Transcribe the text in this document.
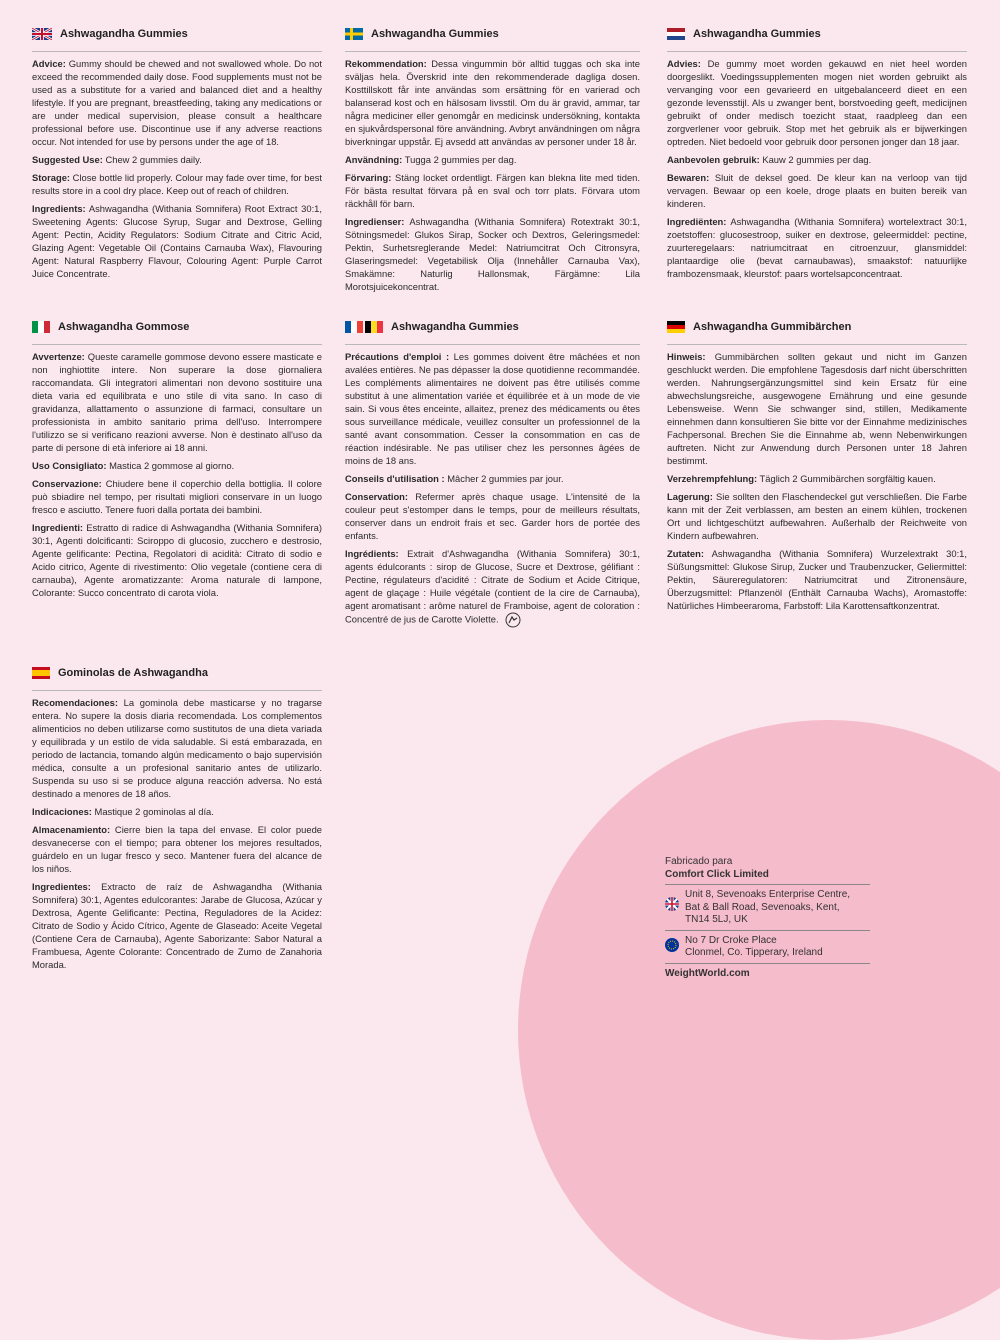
Ashwagandha Gummies

Advice: Gummy should be chewed and not swallowed whole. Do not exceed the recommended daily dose. Food supplements must not be used as a substitute for a varied and balanced diet and a healthy lifestyle. If you are pregnant, breastfeeding, taking any medications or are under medical supervision, please consult a healthcare professional before use. Discontinue use if any adverse reactions occur. Not intended for use by persons under the age of 18.

Suggested Use: Chew 2 gummies daily.

Storage: Close bottle lid properly. Colour may fade over time, for best results store in a cool dry place. Keep out of reach of children.

Ingredients: Ashwagandha (Withania Somnifera) Root Extract 30:1, Sweetening Agents: Glucose Syrup, Sugar and Dextrose, Gelling Agent: Pectin, Acidity Regulators: Sodium Citrate and Citric Acid, Glazing Agent: Vegetable Oil (Contains Carnauba Wax), Flavouring Agent: Natural Raspberry Flavour, Colouring Agent: Purple Carrot Juice Concentrate.

Ashwagandha Gommose

Avvertenze: Queste caramelle gommose devono essere masticate e non inghiottite intere. Non superare la dose giornaliera raccomandata. Gli integratori alimentari non devono sostituire una dieta varia ed equilibrata e uno stile di vita sano. In caso di gravidanza, allattamento o assunzione di farmaci, consultare un professionista in ambito sanitario prima dell'uso. Interrompere l'utilizzo se si verificano reazioni avverse. Non è destinato all'uso da parte di persone di età inferiore ai 18 anni.

Uso Consigliato: Mastica 2 gommose al giorno.

Conservazione: Chiudere bene il coperchio della bottiglia. Il colore può sbiadire nel tempo, per risultati migliori conservare in un luogo fresco e asciutto. Tenere fuori dalla portata dei bambini.

Ingredienti: Estratto di radice di Ashwagandha (Withania Somnifera) 30:1, Agenti dolcificanti: Sciroppo di glucosio, zucchero e destrosio, Agente gelificante: Pectina, Regolatori di acidità: Citrato di sodio e Acido citrico, Agente di rivestimento: Olio vegetale (contiene cera di carnauba), Agente aromatizzante: Aroma naturale di lampone, Colorante: Succo concentrato di carota viola.

Gominolas de Ashwagandha

Recomendaciones: La gominola debe masticarse y no tragarse entera. No supere la dosis diaria recomendada. Los complementos alimenticios no deben utilizarse como sustitutos de una dieta variada y equilibrada y un estilo de vida saludable. Si está embarazada, en periodo de lactancia, tomando algún medicamento o bajo supervisión médica, consulte a un profesional sanitario antes de utilizarlo. Suspenda su uso si se produce alguna reacción adversa. No está destinado a menores de 18 años.

Indicaciones: Mastique 2 gominolas al día.

Almacenamiento: Cierre bien la tapa del envase. El color puede desvanecerse con el tiempo; para obtener los mejores resultados, guárdelo en un lugar fresco y seco. Mantener fuera del alcance de los niños.

Ingredientes: Extracto de raíz de Ashwagandha (Withania Somnifera) 30:1, Agentes edulcorantes: Jarabe de Glucosa, Azúcar y Dextrosa, Agente Gelificante: Pectina, Reguladores de la Acidez: Citrato de Sodio y Ácido Cítrico, Agente de Glaseado: Aceite Vegetal (Contiene Cera de Carnauba), Agente Saborizante: Sabor Natural a Frambuesa, Agente Colorante: Concentrado de Zumo de Zanahoria Morada.

Ashwagandha Gummies

Rekommendation: Dessa vingummin bör alltid tuggas och ska inte sväljas hela. Överskrid inte den rekommenderade dagliga dosen. Kosttillskott får inte användas som ersättning för en varierad och balanserad kost och en hälsosam livsstil. Om du är gravid, ammar, tar några mediciner eller genomgår en medicinsk undersökning, kontakta en sjukvårdspersonal före användning. Avbryt användningen om några biverkningar uppstår. Ej avsedd att användas av personer under 18 år.

Användning: Tugga 2 gummies per dag.

Förvaring: Stäng locket ordentligt. Färgen kan blekna lite med tiden. För bästa resultat förvara på en sval och torr plats. Förvara utom räckhåll för barn.

Ingredienser: Ashwagandha (Withania Somnifera) Rotextrakt 30:1, Sötningsmedel: Glukos Sirap, Socker och Dextros, Geleringsmedel: Pektin, Surhetsreglerande Medel: Natriumcitrat Och Citronsyra, Glaseringsmedel: Vegetabilisk Olja (Innehåller Carnauba Vax), Smakämne: Naturlig Hallonsmak, Färgämne: Lila Morotsjuicekoncentrat.

Ashwagandha Gummies

Précautions d'emploi : Les gommes doivent être mâchées et non avalées entières. Ne pas dépasser la dose quotidienne recommandée. Les compléments alimentaires ne doivent pas être utilisés comme substitut à une alimentation variée et équilibrée et à un mode de vie sain. Si vous êtes enceinte, allaitez, prenez des médicaments ou êtes sous surveillance médicale, veuillez consulter un professionnel de la santé avant consommation. Cesser la consommation en cas de réaction indésirable. Ne pas utiliser chez les personnes âgées de moins de 18 ans.

Conseils d'utilisation : Mâcher 2 gummies par jour.

Conservation: Refermer après chaque usage. L'intensité de la couleur peut s'estomper dans le temps, pour de meilleurs résultats, conserver dans un endroit frais et sec. Garder hors de portée des enfants.

Ingrédients: Extrait d'Ashwagandha (Withania Somnifera) 30:1, agents édulcorants : sirop de Glucose, Sucre et Dextrose, gélifiant : Pectine, régulateurs d'acidité : Citrate de Sodium et Acide Citrique, agent de glaçage : Huile végétale (contient de la cire de Carnauba), agent aromatisant : arôme naturel de Framboise, agent de coloration : Concentré de jus de Carotte Violette.

Ashwagandha Gummies

Advies: De gummy moet worden gekauwd en niet heel worden doorgeslikt. Voedingssupplementen mogen niet worden gebruikt als vervanging voor een gevarieerd en uitgebalanceerd dieet en een gezonde levensstijl. Als u zwanger bent, borstvoeding geeft, medicijnen gebruikt of onder medisch toezicht staat, raadpleeg dan een zorgverlener voor gebruik. Stop met het gebruik als er bijwerkingen optreden. Niet bedoeld voor gebruik door personen jonger dan 18 jaar.

Aanbevolen gebruik: Kauw 2 gummies per dag.

Bewaren: Sluit de deksel goed. De kleur kan na verloop van tijd vervagen. Bewaar op een koele, droge plaats en buiten bereik van kinderen.

Ingrediënten: Ashwagandha (Withania Somnifera) wortelextract 30:1, zoetstoffen: glucosestroop, suiker en dextrose, geleermiddel: pectine, zuurteregelaars: natriumcitraat en citroenzuur, glansmiddel: plantaardige olie (bevat carnaubawas), smaakstof: natuurlijke frambozensmaak, kleurstof: paars wortelsapconcentraat.

Ashwagandha Gummibärchen

Hinweis: Gummibärchen sollten gekaut und nicht im Ganzen geschluckt werden. Die empfohlene Tagesdosis darf nicht überschritten werden. Nahrungsergänzungsmittel sind kein Ersatz für eine abwechslungsreiche, ausgewogene Ernährung und eine gesunde Lebensweise. Wenn Sie schwanger sind, stillen, Medikamente einnehmen dann konsultieren Sie bitte vor der Einnahme medizinisches Fachpersonal. Brechen Sie die Einnahme ab, wenn Nebenwirkungen auftreten. Nicht zur Anwendung durch Personen unter 18 Jahren bestimmt.

Verzehrempfehlung: Täglich 2 Gummibärchen sorgfältig kauen.

Lagerung: Sie sollten den Flaschendeckel gut verschließen. Die Farbe kann mit der Zeit verblassen, am besten an einem kühlen, trockenen Ort und lichtgeschützt aufbewahren. Außerhalb der Reichweite von Kindern aufbewahren.

Zutaten: Ashwagandha (Withania Somnifera) Wurzelextrakt 30:1, Süßungsmittel: Glukose Sirup, Zucker und Traubenzucker, Geliermittel: Pektin, Säureregulatoren: Natriumcitrat und Zitronensäure, Überzugsmittel: Pflanzenöl (Enthält Carnauba Wachs), Aromastoffe: Natürliches Himbeeraroma, Farbstoff: Lila Karottensaftkonzentrat.

Fabricado para
Comfort Click Limited
Unit 8, Sevenoaks Enterprise Centre,
Bat & Ball Road, Sevenoaks, Kent,
TN14 5LJ, UK
No 7 Dr Croke Place
Clonmel, Co. Tipperary, Ireland
WeightWorld.com
